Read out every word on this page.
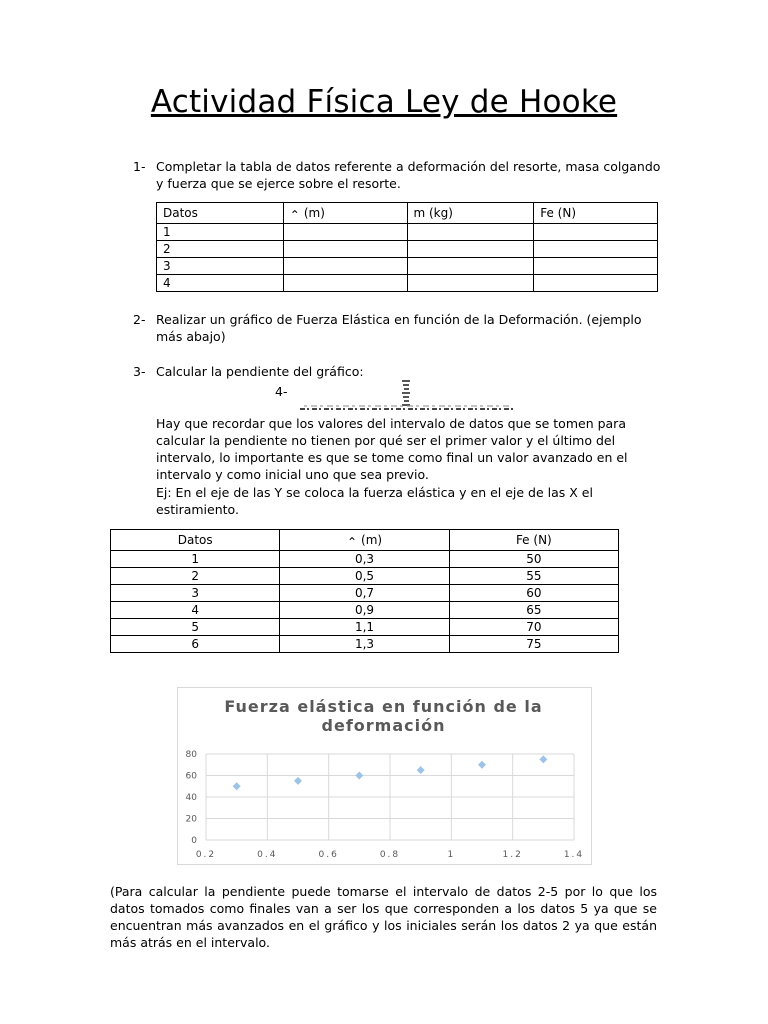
Actividad Física Ley de Hooke
1- Completar la tabla de datos referente a deformación del resorte, masa colgando y fuerza que se ejerce sobre el resorte.
Datos	⌃ (m)	m (kg)	Fe (N)
1			
2			
3			
4			
2- Realizar un gráfico de Fuerza Elástica en función de la Deformación. (ejemplo más abajo)
3- Calcular la pendiente del gráfico:
4-
Hay que recordar que los valores del intervalo de datos que se tomen para calcular la pendiente no tienen por qué ser el primer valor y el último del intervalo, lo importante es que se tome como final un valor avanzado en el intervalo y como inicial uno que sea previo.
Ej: En el eje de las Y se coloca la fuerza elástica y en el eje de las X el estiramiento.
Datos	⌃ (m)	Fe (N)
1	0,3	50
2	0,5	55
3	0,7	60
4	0,9	65
5	1,1	70
6	1,3	75
Fuerza elástica en función de la deformación
0
20
40
60
80
0.2	0.4	0.6	0.8	1	1.2	1.4
(Para calcular la pendiente puede tomarse el intervalo de datos 2-5 por lo que los datos tomados como finales van a ser los que corresponden a los datos 5 ya que se encuentran más avanzados en el gráfico y los iniciales serán los datos 2 ya que están más atrás en el intervalo.
